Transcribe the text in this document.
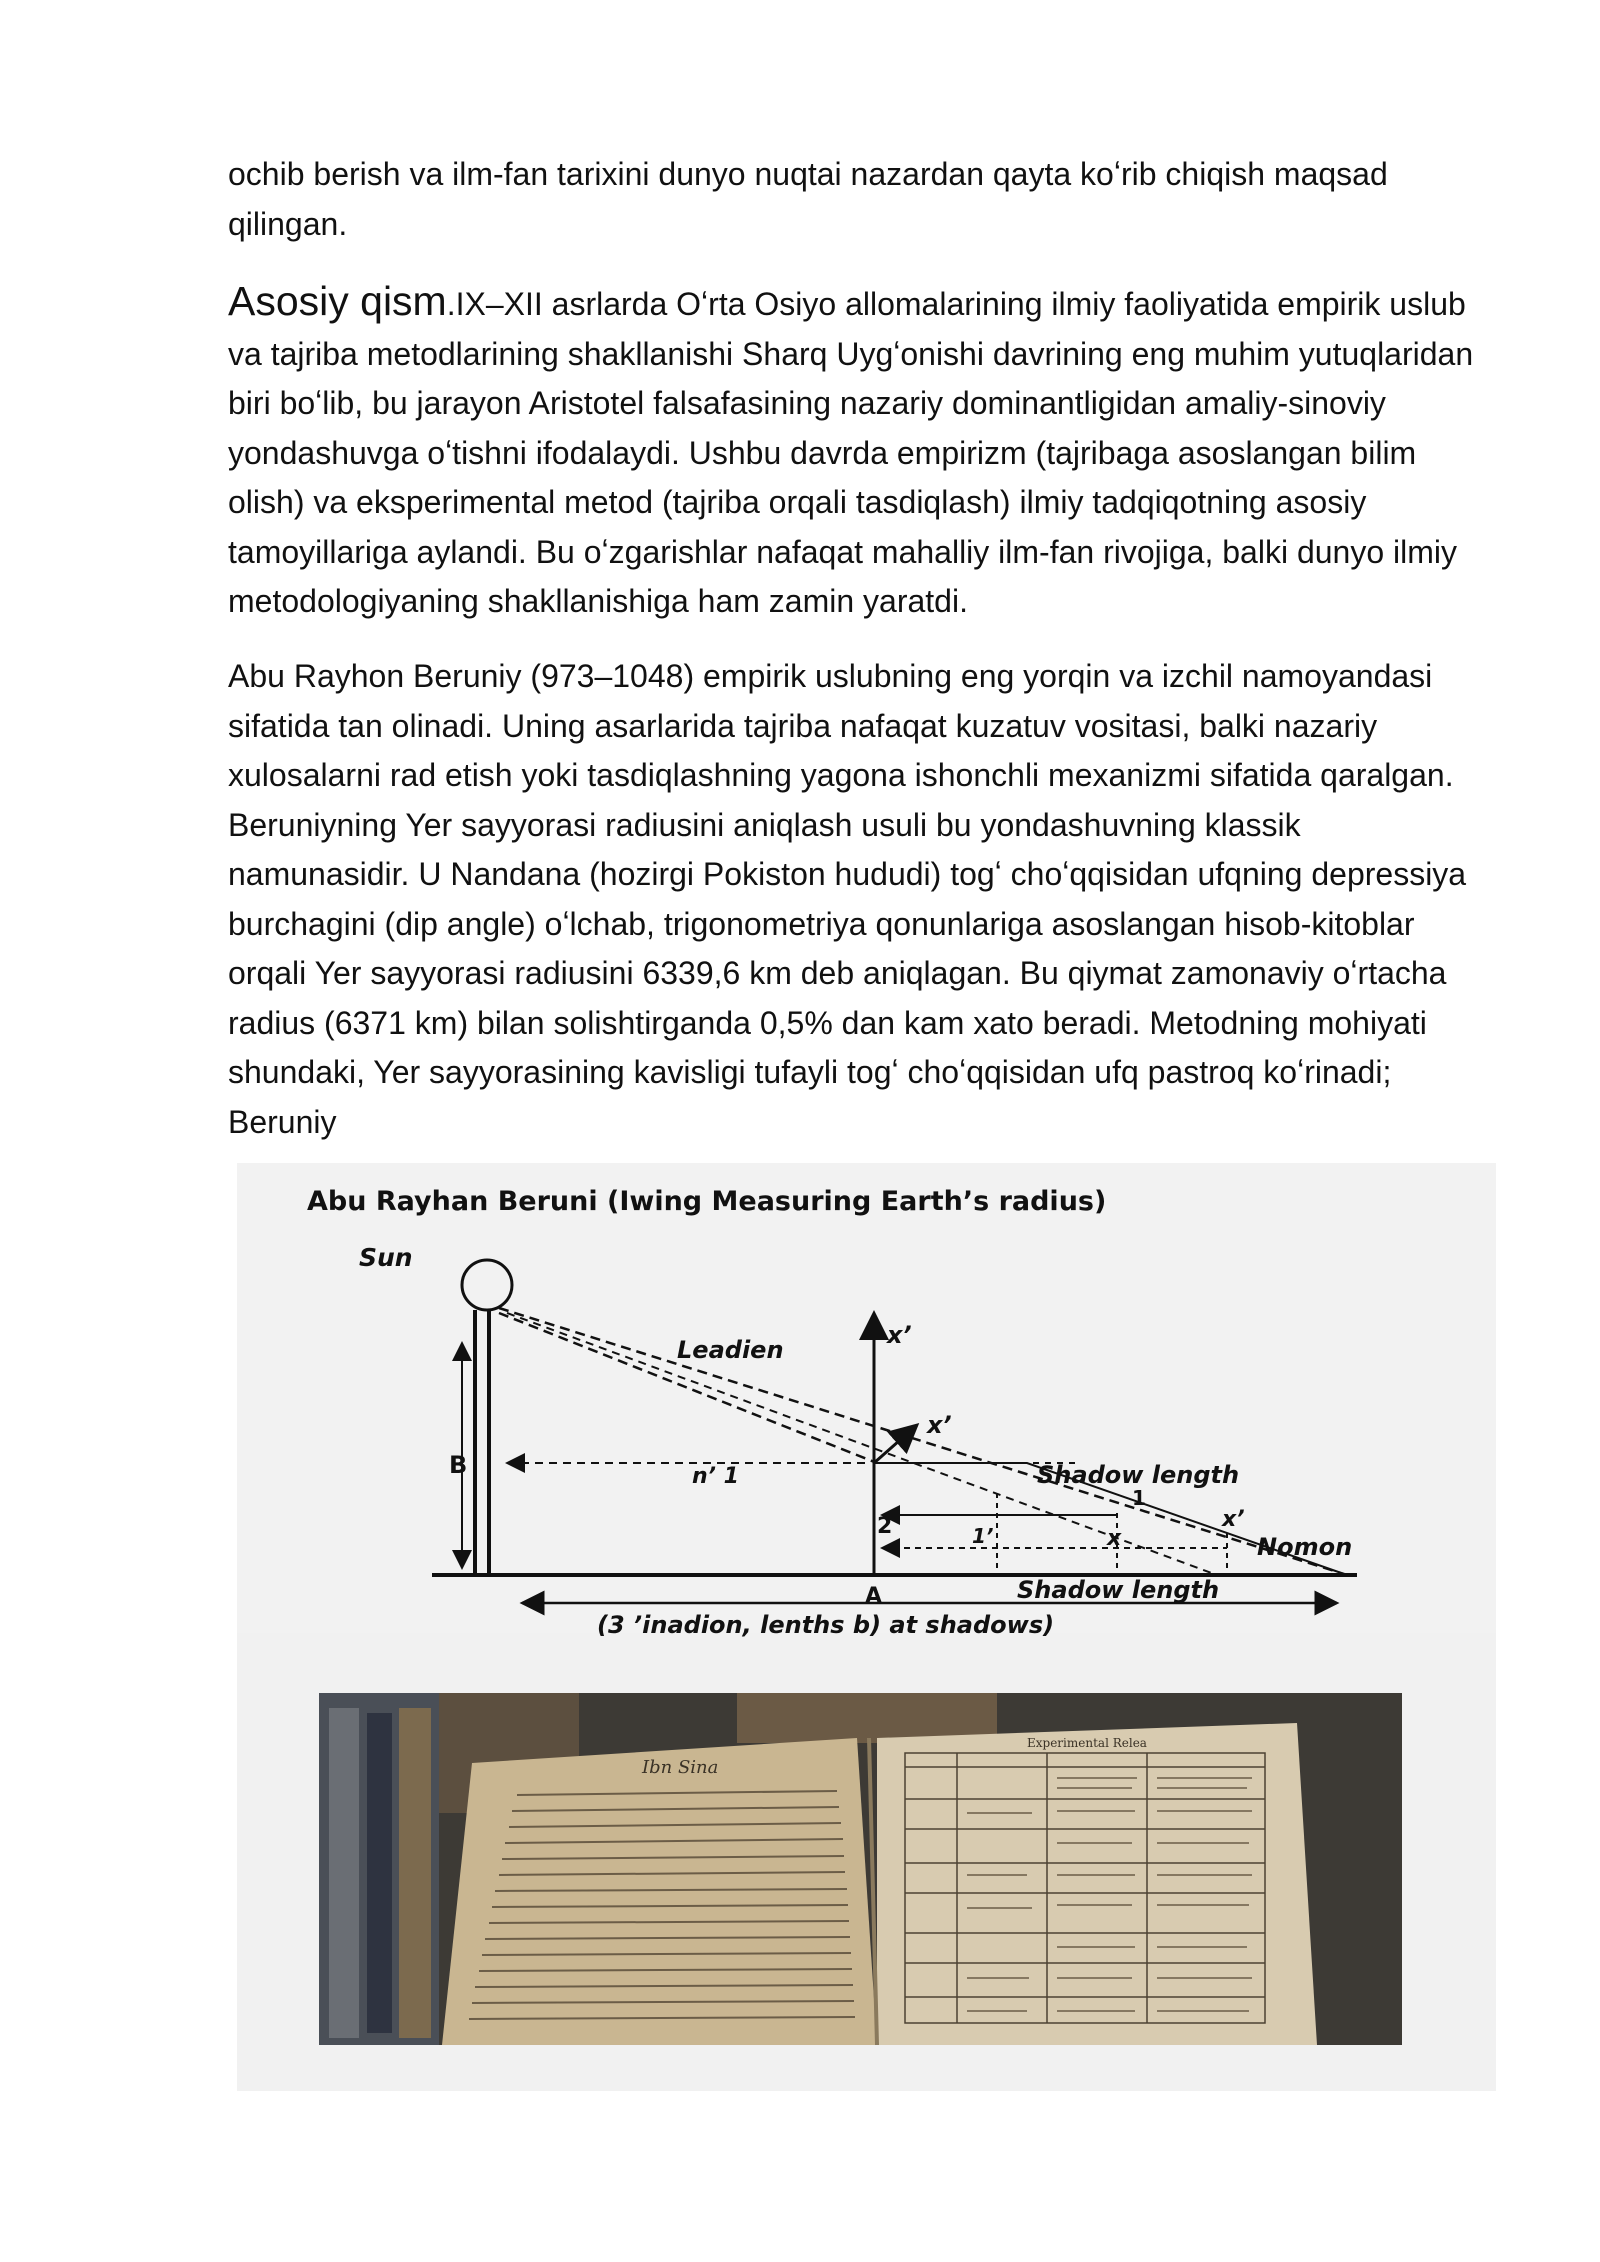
ochib berish va ilm-fan tarixini dunyo nuqtai nazardan qayta koʻrib chiqish maqsad qilingan.

Asosiy qism.IX–XII asrlarda Oʻrta Osiyo allomalarining ilmiy faoliyatida empirik uslub va tajriba metodlarining shakllanishi Sharq Uygʻonishi davrining eng muhim yutuqlaridan biri boʻlib, bu jarayon Aristotel falsafasining nazariy dominantligidan amaliy-sinoviy yondashuvga oʻtishni ifodalaydi. Ushbu davrda empirizm (tajribaga asoslangan bilim olish) va eksperimental metod (tajriba orqali tasdiqlash) ilmiy tadqiqotning asosiy tamoyillariga aylandi. Bu oʻzgarishlar nafaqat mahalliy ilm-fan rivojiga, balki dunyo ilmiy metodologiyaning shakllanishiga ham zamin yaratdi.

Abu Rayhon Beruniy (973–1048) empirik uslubning eng yorqin va izchil namoyandasi sifatida tan olinadi. Uning asarlarida tajriba nafaqat kuzatuv vositasi, balki nazariy xulosalarni rad etish yoki tasdiqlashning yagona ishonchli mexanizmi sifatida qaralgan. Beruniyning Yer sayyorasi radiusini aniqlash usuli bu yondashuvning klassik namunasidir. U Nandana (hozirgi Pokiston hududi) togʻ choʻqqisidan ufqning depressiya burchagini (dip angle) oʻlchab, trigonometriya qonunlariga asoslangan hisob-kitoblar orqali Yer sayyorasi radiusini 6339,6 km deb aniqlagan. Bu qiymat zamonaviy oʻrtacha radius (6371 km) bilan solishtirganda 0,5% dan kam xato beradi. Metodning mohiyati shundaki, Yer sayyorasining kavisligi tufayli togʻ choʻqqisidan ufq pastroq koʻrinadi; Beruniy

Abu Rayhan Beruni (Iwing Measuring Earth’s radius)
Sun
B
Leadien
x’
x’
n’ 1	Shadow length
1
2	1’	x
x’
Nomon
A	Shadow length
(3 ’inadion, lenths b) at shadows)
Ibn Sina
Experimental Relea
